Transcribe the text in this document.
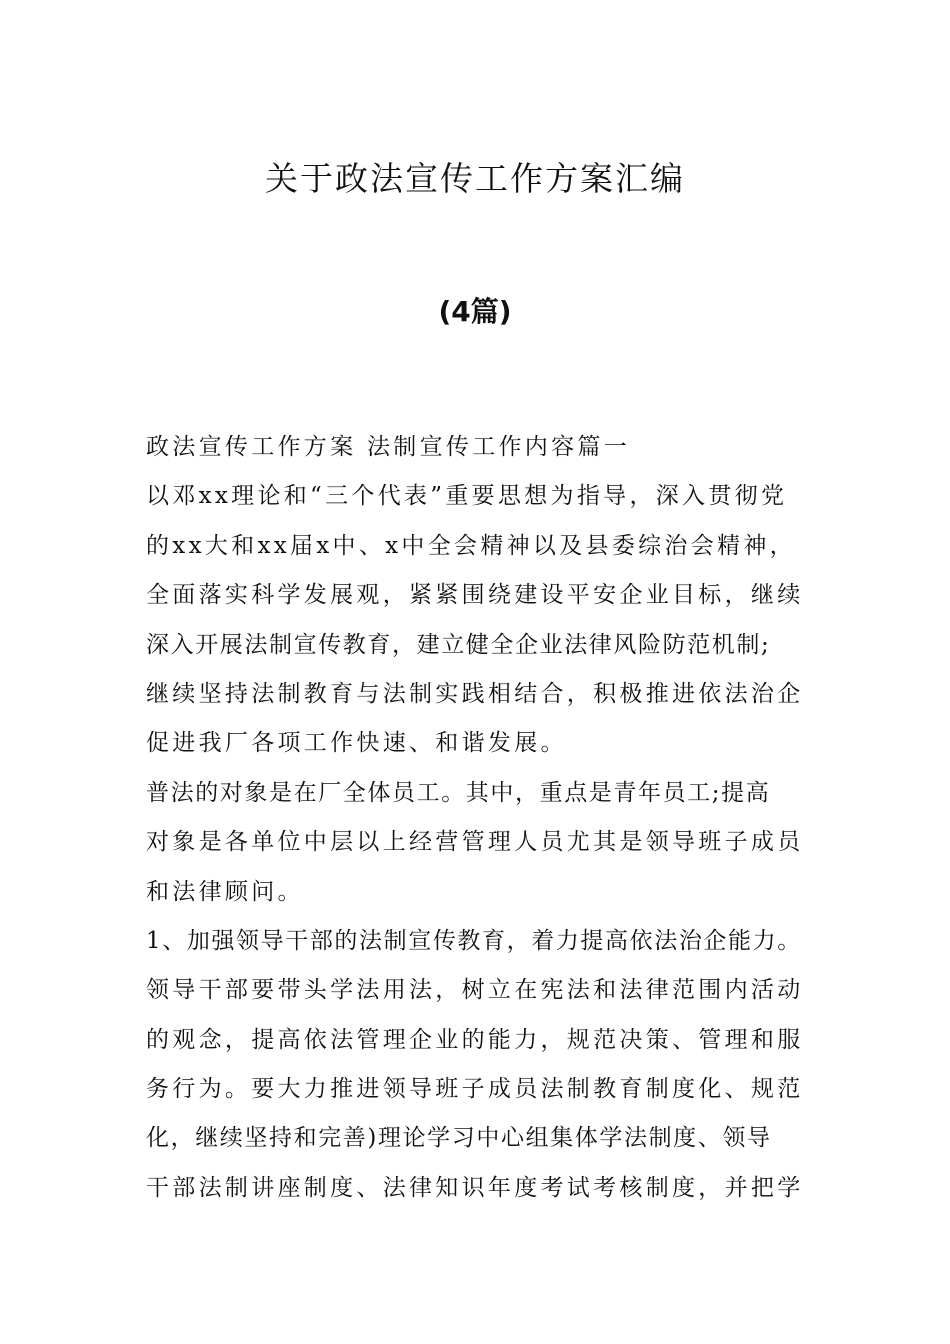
关于政法宣传工作方案汇编
(4篇)
政法宣传工作方案 法制宣传工作内容篇一
以邓xx理论和“三个代表”重要思想为指导，深入贯彻党
的xx大和xx届x中、x中全会精神以及县委综治会精神，
全面落实科学发展观，紧紧围绕建设平安企业目标，继续
深入开展法制宣传教育，建立健全企业法律风险防范机制;
继续坚持法制教育与法制实践相结合，积极推进依法治企
促进我厂各项工作快速、和谐发展。
普法的对象是在厂全体员工。其中，重点是青年员工;提高
对象是各单位中层以上经营管理人员尤其是领导班子成员
和法律顾问。
1、加强领导干部的法制宣传教育，着力提高依法治企能力。
领导干部要带头学法用法，树立在宪法和法律范围内活动
的观念，提高依法管理企业的能力，规范决策、管理和服
务行为。要大力推进领导班子成员法制教育制度化、规范
化，继续坚持和完善)理论学习中心组集体学法制度、领导
干部法制讲座制度、法律知识年度考试考核制度，并把学
